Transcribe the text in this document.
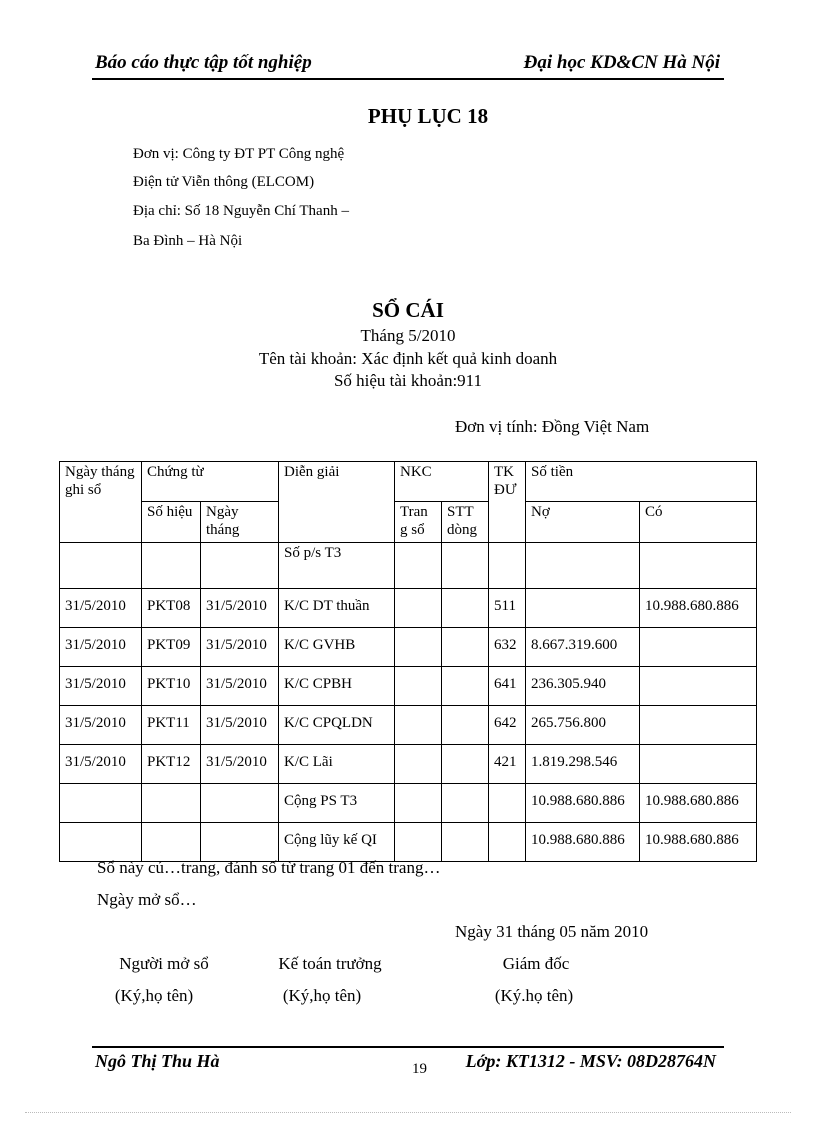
Báo cáo thực tập tốt nghiệp	Đại học KD&CN Hà Nội
PHỤ LỤC 18
Đơn vị: Công ty ĐT PT Công nghệ
Điện tử Viễn thông (ELCOM)
Địa chỉ: Số 18 Nguyễn Chí Thanh –
Ba Đình – Hà Nội
SỔ CÁI
Tháng 5/2010
Tên tài khoản: Xác định kết quả kinh doanh
Số hiệu tài khoản:911
Đơn vị tính: Đồng Việt Nam
Ngày tháng ghi sổ	Chứng từ		Diễn giải	NKC		TK ĐƯ	Số tiền	
	Số hiệu	Ngày tháng		Tran g sổ	STT dòng		Nợ	Có
			Số p/s T3					
31/5/2010	PKT08	31/5/2010	K/C DT thuần			511		10.988.680.886
31/5/2010	PKT09	31/5/2010	K/C GVHB			632	8.667.319.600	
31/5/2010	PKT10	31/5/2010	K/C CPBH			641	236.305.940	
31/5/2010	PKT11	31/5/2010	K/C CPQLDN			642	265.756.800	
31/5/2010	PKT12	31/5/2010	K/C Lãi			421	1.819.298.546	
			Cộng PS T3				10.988.680.886	10.988.680.886
			Cộng lũy kế QI				10.988.680.886	10.988.680.886
Sổ này cú…trang, đánh số từ trang 01 đến trang…
Ngày mở sổ…
Ngày 31 tháng 05 năm 2010
Người mở sổ
(Ký,họ tên)
Kế toán trưởng
(Ký,họ tên)
Giám đốc
(Ký.họ tên)
Ngô Thị Thu Hà	19 Lớp: KT1312 - MSV: 08D28764N
